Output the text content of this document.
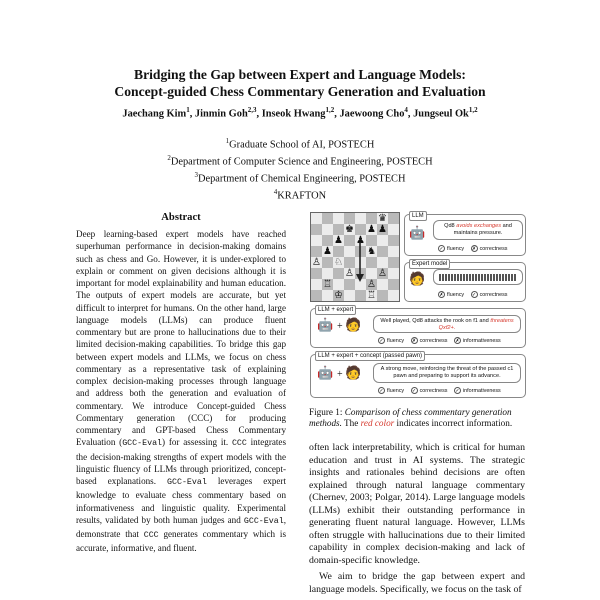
Bridging the Gap between Expert and Language Models:
Concept-guided Chess Commentary Generation and Evaluation
Jaechang Kim$^1$, Jinmin Goh$^{2,3}$, Inseok Hwang$^{1,2}$, Jaewoong Cho$^4$, Jungseul Ok$^{1,2}$
$^1$Graduate School of AI, POSTECH
$^2$Department of Computer Science and Engineering, POSTECH
$^3$Department of Chemical Engineering, POSTECH
$^4$KRAFTON
Abstract

Deep learning-based expert models have reached superhuman performance in decision-making domains such as chess and Go. However, it is under-explored to explain or comment on given decisions although it is important for model explainability and human education. The outputs of expert models are accurate, but yet difficult to interpret for humans. On the other hand, large language models (LLMs) can produce fluent commentary but are prone to hallucinations due to their limited decision-making capabilities. To bridge this gap between expert models and LLMs, we focus on chess commentary as a representative task of explaining complex decision-making processes through language and address both the generation and evaluation of commentary. We introduce Concept-guided Chess Commentary generation (CCC) for producing commentary and GPT-based Chess Commentary Evaluation (GCC-Eval) for assessing it. CCC integrates the decision-making strengths of expert models with the linguistic fluency of LLMs through prioritized, concept-based explanations. GCC-Eval leverages expert knowledge to evaluate chess commentary based on informativeness and linguistic quality. Experimental results, validated by both human judges and GCC-Eval, demonstrate that CCC generates commentary which is accurate, informative, and fluent.

♛
♚ ♟ ♟
♟ ♟
♟	♞
♙ ♘
♙ ♙
♖	♙
♔ ♖
LLM
🤖	Qd8 avoids exchanges and maintains pressure.
✓ fluency ✗ correctness
Expert model
🧑
✗ fluency ✓ correctness
LLM + expert
🤖 + 🧑	Well played, Qd8 attacks the rook on f1 and threatens Qxf2+.
✓ fluency ✗ correctness ✗ informativeness
LLM + expert + concept (passed pawn)
🤖 + 🧑	A strong move, reinforcing the threat of the passed c1 pawn and preparing to support its advance.
✓ fluency ✓ correctness ✓ informativeness
Figure 1: Comparison of chess commentary generation methods. The red color indicates incorrect information.

often lack interpretability, which is critical for human education and trust in AI systems. The strategic insights and rationales behind decisions are often explained through natural language commentary (Chernev, 2003; Polgar, 2014). Large language models (LLMs) exhibit their outstanding performance in generating fluent natural language. However, LLMs often struggle with hallucinations due to their limited capability in complex decision-making and lack of domain-specific knowledge.

We aim to bridge the gap between expert and language models. Specifically, we focus on the task of
